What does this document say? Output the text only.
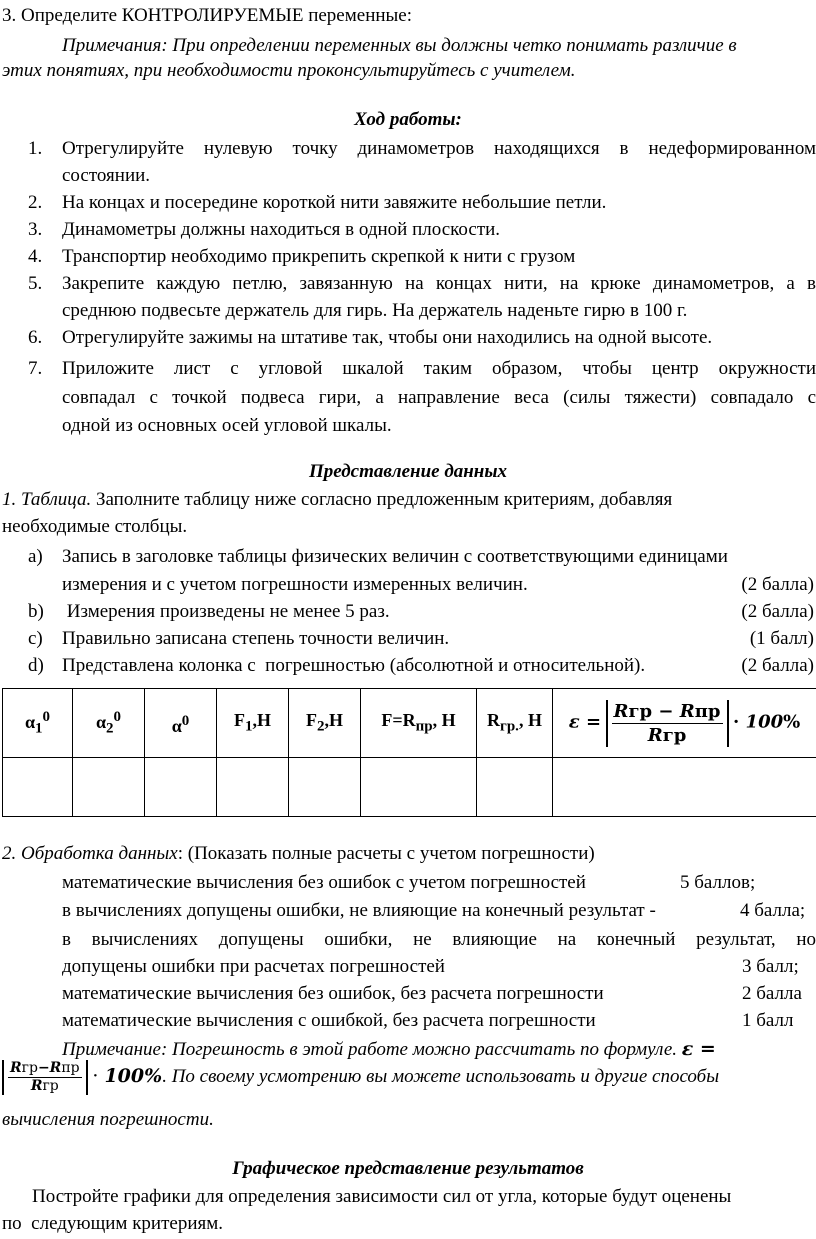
3. Определите КОНТРОЛИРУЕМЫЕ переменные:
Примечания: При определении переменных вы должны четко понимать различие в
этих понятиях, при необходимости проконсультируйтесь с учителем.
Ход работы:
1. Отрегулируйте нулевую точку динамометров находящихся в недеформированном
состоянии.
2. На концах и посередине короткой нити завяжите небольшие петли.
3. Динамометры должны находиться в одной плоскости.
4. Транспортир необходимо прикрепить скрепкой к нити с грузом
5. Закрепите каждую петлю, завязанную на концах нити, на крюке динамометров, а в
среднюю подвесьте держатель для гирь. На держатель наденьте гирю в 100 г.
6. Отрегулируйте зажимы на штативе так, чтобы они находились на одной высоте.
7. Приложите лист с угловой шкалой таким образом, чтобы центр окружности
совпадал с точкой подвеса гири, а направление веса (силы тяжести) совпадало с
одной из основных осей угловой шкалы.
Представление данных
1. Таблица. Заполните таблицу ниже согласно предложенным критериям, добавляя
необходимые столбцы.
a) Запись в заголовке таблицы физических величин с соответствующими единицами
измерения и с учетом погрешности измеренных величин.	(2 балла)
b) Измерения произведены не менее 5 раз.	(2 балла)
c) Правильно записана степень точности величин.	(1 балл)
d) Представлена колонка с  погрешностью (абсолютной и относительной).	(2 балла)
$\alpha_1^0$	$\alpha_2^0$	$\alpha^0$	$F_1,Н$	$F_2,Н$	$F=R_{пр}$, Н	$R_{гр.}$, Н	$\varepsilon = \frac{\text{Rгр − Rпр}}{\text{Rгр}} \cdot 100\%$

2. Обработка данных: (Показать полные расчеты с учетом погрешности)
математические вычисления без ошибок с учетом погрешностей	5 баллов;
в вычислениях допущены ошибки, не влияющие на конечный результат -	4 балла;
в вычислениях допущены ошибки, не влияющие на конечный результат, но
допущены ошибки при расчетах погрешностей	3 балл;
математические вычисления без ошибок, без расчета погрешности	2 балла
математические вычисления с ошибкой, без расчета погрешности	1 балл
Примечание: Погрешность в этой работе можно рассчитать по формуле. ε =
$\frac{\text{Rгр−Rпр}}{\text{Rгр}} \cdot 100\%$. По своему усмотрению вы можете использовать и другие способы
вычисления погрешности.
Графическое представление результатов
Постройте графики для определения зависимости сил от угла, которые будут оценены
по  следующим критериям.
